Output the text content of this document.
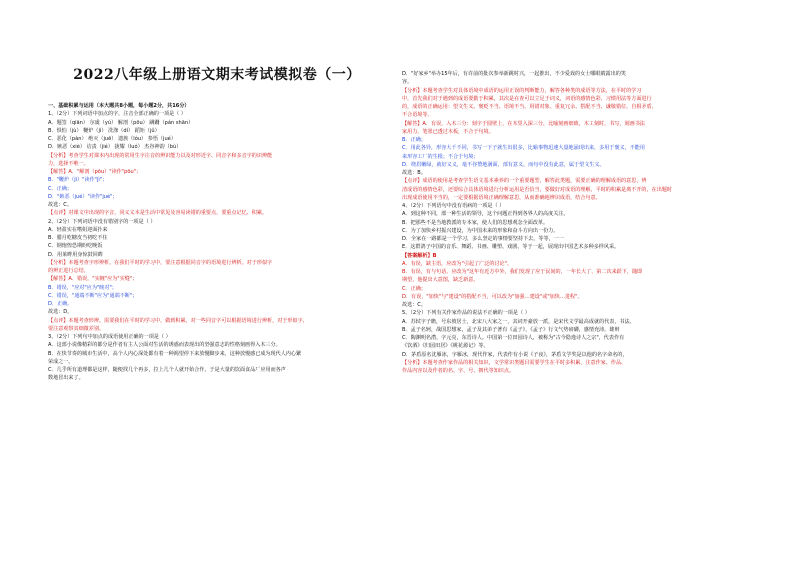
2022八年级上册语文期末考试模拟卷（一）
一、基础积累与运用（本大题共8小题，每小题2分，共16分）
1、（2分）下列词语中加点的字，注音全部正确的一项是（ ）
A．题签（qiān） 尔虞（yú） 解剖（pōu） 蹒跚（pán shān）
B．惧怕（jù） 鞭炉（jì） 洗涤（dí） 蹈矩（jǔ）
C．恶化（pàn） 绝灭（juē） 遗族（lóu） 参悟（jué）
D．嫉恶（xiè） 诘责（jié） 拢耀（luó） 杰谷神韵（bù）
【分析】考查学生对课本内出现的常用生字注音的辨识能力以及对形近字、同音字和多音字的识辨能
力，选择不唯一。
【解答】A．"解剖（pōu）"读作"pōu"；
B．"鞭炉（jì）"读作"jì"；
C．正确；
D．"嫉恶（jué）"读作"jué"；
故选：C。
【点评】对课文中出现的字音，同义义本是生活中常见及容易读错的重要点，要重点记忆、积累。
2、（2分）下列词语中没有错别字的一项是（ ）
A．轻盈实在嗜姐迎面扑来
B．腊月吃糖皮当初吃不住
C．钢炮惶恐期盼吃晚饭
D．用莱畔用身惊鼓回眸
【分析】本题考查字形辨析。在我们平时的学习中，要注意根据同音字的语境进行辨析。对于形似字
的辨正进行总结。
【解答】A．错误，"实缠"应为"实缝"；
B．错误，"应对"应为"映对"；
C．错误，"通端不断"应为"通端不断"；
D．正确。
故选：D。
【点评】本题考查形辨。需要我们在平时的学习中，做到积累，对一些同音字可以根据语境进行辨析，对于形似字，
要注意观察其细微差别。
3、（2分）下列句中加点的成语使用正确的一项是（ ）
A．这部小说像精彩的都分是作者有主人公面对生活的诱惑而表现出的坚强意志的性格刻画得入木三分。
B．在快节奏的城市生活中，高个人内心深处都有着一种渴望停下来放慢脚步来，这种放慢感已成为现代人内心繁
荣成之一。
C．几乎所有道理都是这样，随便找几个再多，拉上几个人就开始合作，于是大量的饮面食品厂应用而各声
数地冒出来了。
D．"好家乡"举办15年后，有许前的批次参举新跳时兴，一起推出，不少爱戏的女士哪眼睛露出的笑
容。
【分析】本题考查学生对具体语境中成语的运用正误的判断能力，解答各种类的成语等方法，在平时的学习
中，首先我们对于遇到的成语要勤于积累，其次是在查可以立足于词义，词语的感情色彩、习惯用法等方面进行
的，成语的正确运用：望文生义、褒贬不当、语境不当、用错对象、重复冗余、搭配不当、谦敬错位、自相矛盾、
不合语境等。
【解答】A．有误，入木三分：刻字于圆壁上，在木里入深三分，比喻刻画细致，木工刻时，书写，刻画书法
家用力，笔墨已透过木板，不合于句境。
B．正确；
C．用此各异，形容大千不同，书写一下子就生出很多，比喻事物迅速大量地涌现出来，多用于褒义，不能用
来形容工厂的生根；不合于句境；
D．绕眉嫩绿，就好义义，毫不谷赞地满面，部有意义，而句中没有此意，属于望文生义。
故选：B。
【点评】成语的使用是考查学生语文基本素养的一个重要题型，解答此类题，需要正确的理解成语的意思，辨
清成语的感情色彩，还要综合具体语境进行分析运用是否恰当，要做好对成语的理解，平时的积累是离不开的，在出题时
出现成语使用不当的，一定要根据语境正确理解意思，从而准确地辨识成语，结合句意。
4、（2分）下列语句中没有语病的一项是（ ）
A．到这种不同，部一种生活的领导，这个问题正得到各界人的高度关注。
B．把那些不是当地教派的专本家，使人们的思想观念全面改革。
C．为了加快乡村振兴建设，为中国未来的形象和奋斗方向出一份力。
D．全家在一路都是一个学习，多么坚定的事情要坚持下去，等等，一一
E．这群鸽子中国的音乐、舞蹈、书画、雕塑、戏剧、等于一起，展现出中国艺术多种多样风采。
【答案解析】B
A．有误，缺主语，应改为"引起了广泛的讨论"。
B．有误，有与句话，应改为"这年有近方中外，我们发现了应于民间的，一年长大了，第二次来跃下，随即
期望，他提出大意图，缺乏新意。
C．正确；
D．有误，"加快"与"建设"的搭配不当，可以改为"加强…建设"或"加快…进程"。
故选：C。
5、（2分）下列有关作家作品的说法不正确的一项是（ ）
A．苏轼字子瞻，号东坡居士，北宋八大家之一，其词开豪放一派，是宋代文学最高成就的代表，书法、
B．孟子名轲，战国思想家，孟子及其弟子著有《孟子》，《孟子》行文气势磅礴，感情充沛，雄辩
C．陶渊明名潜，字元亮，东晋诗人。中国第一位田园诗人，被称为"古今隐逸诗人之宗"，代表作有
《饮酒》《归园田居》《桃花源记》等。
D．茅盾原名沈雁冰，字雁冰，现代作家，代表作有小说《子夜》，茅盾文学奖是以他的名字命名的，
【分析】本题考查作家作品的相关知识，文学常识类题目需要学生在平时多积累，注意作家、作品、
作品内容以及作者的名、字、号、朝代等知识点。
